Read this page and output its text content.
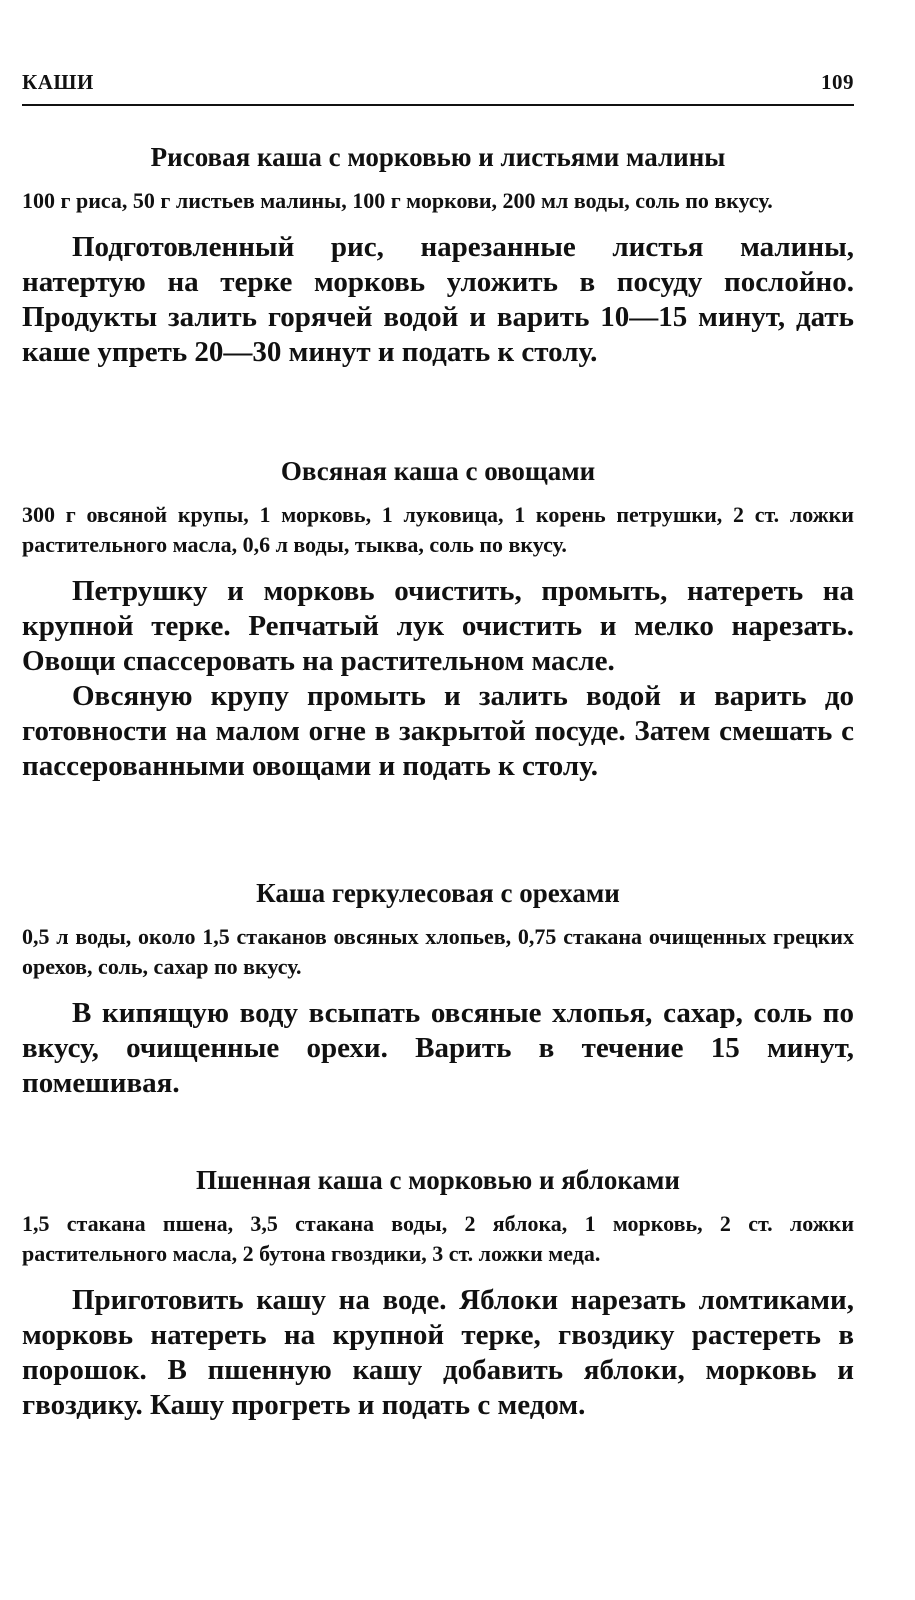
КАШИ	109
Рисовая каша с морковью и листьями малины

100 г риса, 50 г листьев малины, 100 г моркови, 200 мл воды, соль по вкусу.

Подготовленный рис, нарезанные листья малины, натертую на терке морковь уложить в посуду послойно. Продукты залить горячей водой и варить 10—15 минут, дать каше упреть 20—30 минут и подать к столу.

Овсяная каша с овощами

300 г овсяной крупы, 1 морковь, 1 луковица, 1 корень петрушки, 2 ст. ложки растительного масла, 0,6 л воды, тыква, соль по вкусу.

Петрушку и морковь очистить, промыть, натереть на крупной терке. Репчатый лук очистить и мелко нарезать. Овощи спассеровать на растительном масле.

Овсяную крупу промыть и залить водой и варить до готовности на малом огне в закрытой посуде. Затем смешать с пассерованными овощами и подать к столу.

Каша геркулесовая с орехами

0,5 л воды, около 1,5 стаканов овсяных хлопьев, 0,75 стакана очищенных грецких орехов, соль, сахар по вкусу.

В кипящую воду всыпать овсяные хлопья, сахар, соль по вкусу, очищенные орехи. Варить в течение 15 минут, помешивая.

Пшенная каша с морковью и яблоками

1,5 стакана пшена, 3,5 стакана воды, 2 яблока, 1 морковь, 2 ст. ложки растительного масла, 2 бутона гвоздики, 3 ст. ложки меда.

Приготовить кашу на воде. Яблоки нарезать ломтиками, морковь натереть на крупной терке, гвоздику растереть в порошок. В пшенную кашу добавить яблоки, морковь и гвоздику. Кашу прогреть и подать с медом.
